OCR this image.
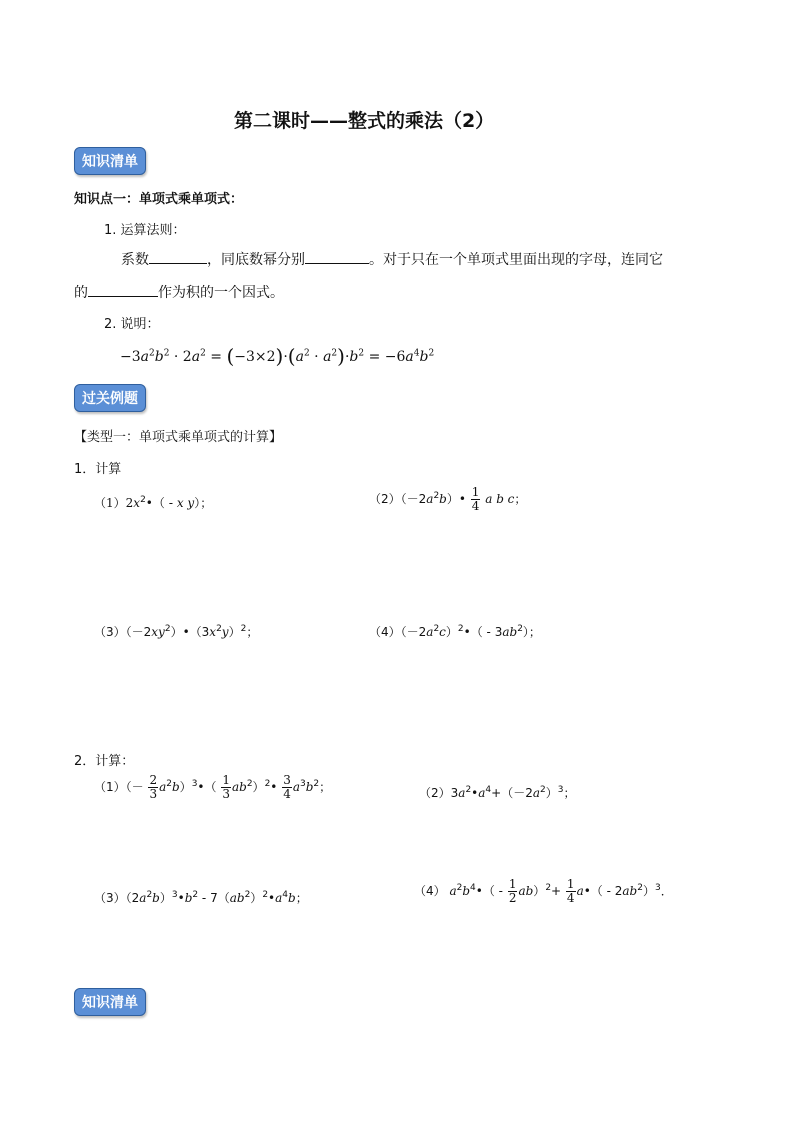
第二课时——整式的乘法（2）
知识清单
知识点一：单项式乘单项式：
1. 运算法则：
系数	，同底数幂分别	。对于只在一个单项式里面出现的字母，连同它
的	作为积的一个因式。
2. 说明：
$-3a^2b^2 \cdot 2a^2 = (-3\times 2)\cdot(a^2 \cdot a^2)\cdot b^2 = -6a^4b^2$
过关例题
【类型一：单项式乘单项式的计算】
1．计算
$(1)2x^2•$（ - x y）；	$(2)(-2a^2b)• \frac{1}{4}$ a b c；
$(3)(-2xy^2)•(3x^2y)^2$；	$(4)(-2a^2c)^2•( - 3ab^2)$；
2．计算：
$(1)(- \frac{2}{3}$ $a^2b)^3•( \frac{1}{3}$ $ab^2)^2• \frac{3}{4} a^3b^2$；	$(2)3a^2•a^4+(-2a^2)^3$；
$(3)(2a^2b)^3•b^2$ - $7(ab^2)^2•a^4b$；	（4） $a^2b^4•( - \frac{1}{2} ab)^2+ \frac{1}{4}$ a•（ - $2ab^2)^3$．
知识清单
